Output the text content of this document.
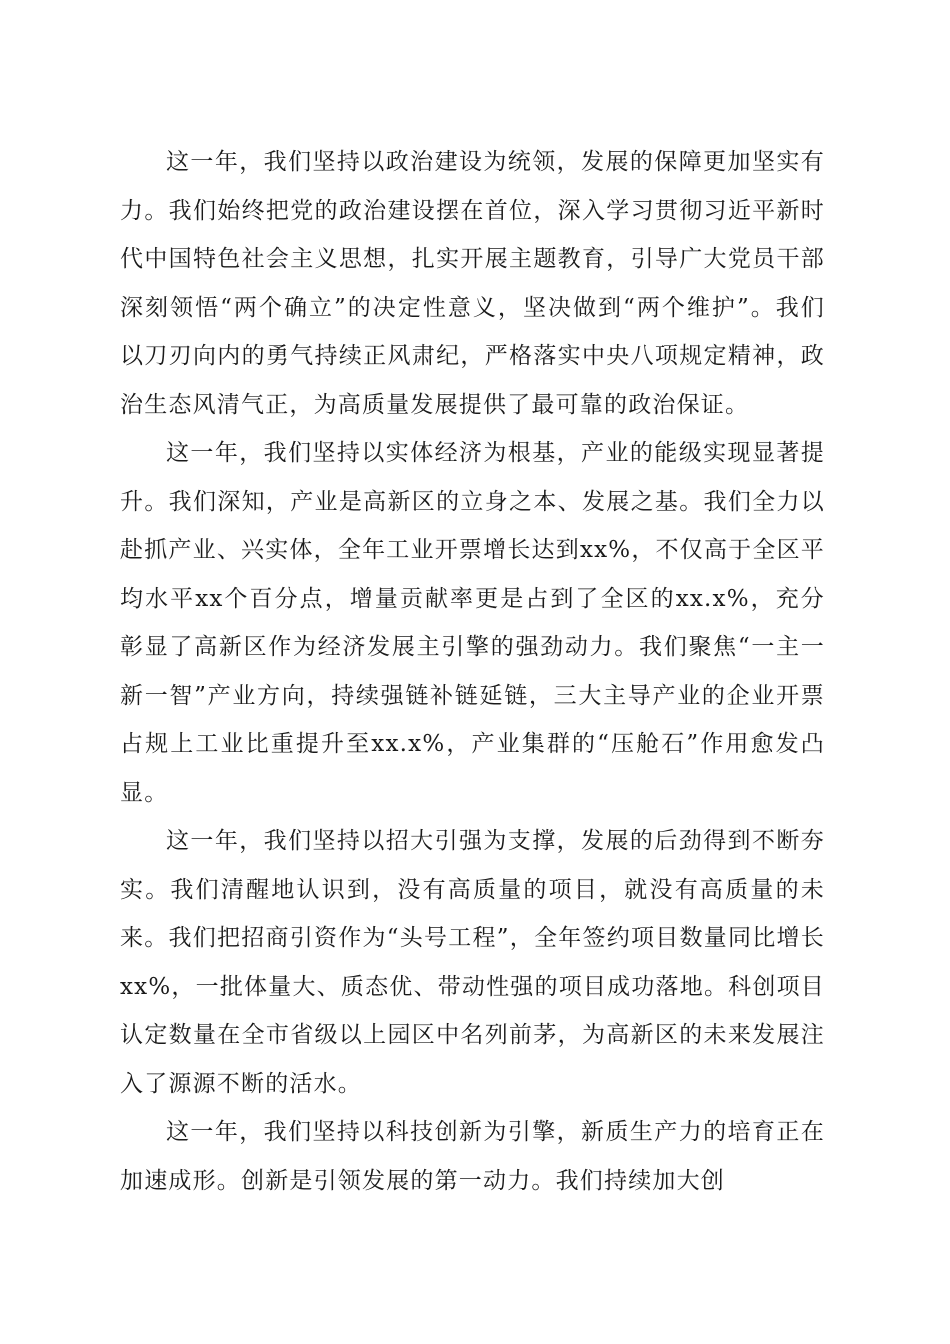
这一年，我们坚持以政治建设为统领，发展的保障更加坚实有力。我们始终把党的政治建设摆在首位，深入学习贯彻习近平新时代中国特色社会主义思想，扎实开展主题教育，引导广大党员干部深刻领悟“两个确立”的决定性意义，坚决做到“两个维护”。我们以刀刃向内的勇气持续正风肃纪，严格落实中央八项规定精神，政治生态风清气正，为高质量发展提供了最可靠的政治保证。

这一年，我们坚持以实体经济为根基，产业的能级实现显著提升。我们深知，产业是高新区的立身之本、发展之基。我们全力以赴抓产业、兴实体，全年工业开票增长达到xx%，不仅高于全区平均水平xx个百分点，增量贡献率更是占到了全区的xx.x%，充分彰显了高新区作为经济发展主引擎的强劲动力。我们聚焦“一主一新一智”产业方向，持续强链补链延链，三大主导产业的企业开票占规上工业比重提升至xx.x%，产业集群的“压舱石”作用愈发凸显。

这一年，我们坚持以招大引强为支撑，发展的后劲得到不断夯实。我们清醒地认识到，没有高质量的项目，就没有高质量的未来。我们把招商引资作为“头号工程”，全年签约项目数量同比增长xx%，一批体量大、质态优、带动性强的项目成功落地。科创项目认定数量在全市省级以上园区中名列前茅，为高新区的未来发展注入了源源不断的活水。

这一年，我们坚持以科技创新为引擎，新质生产力的培育正在加速成形。创新是引领发展的第一动力。我们持续加大创
